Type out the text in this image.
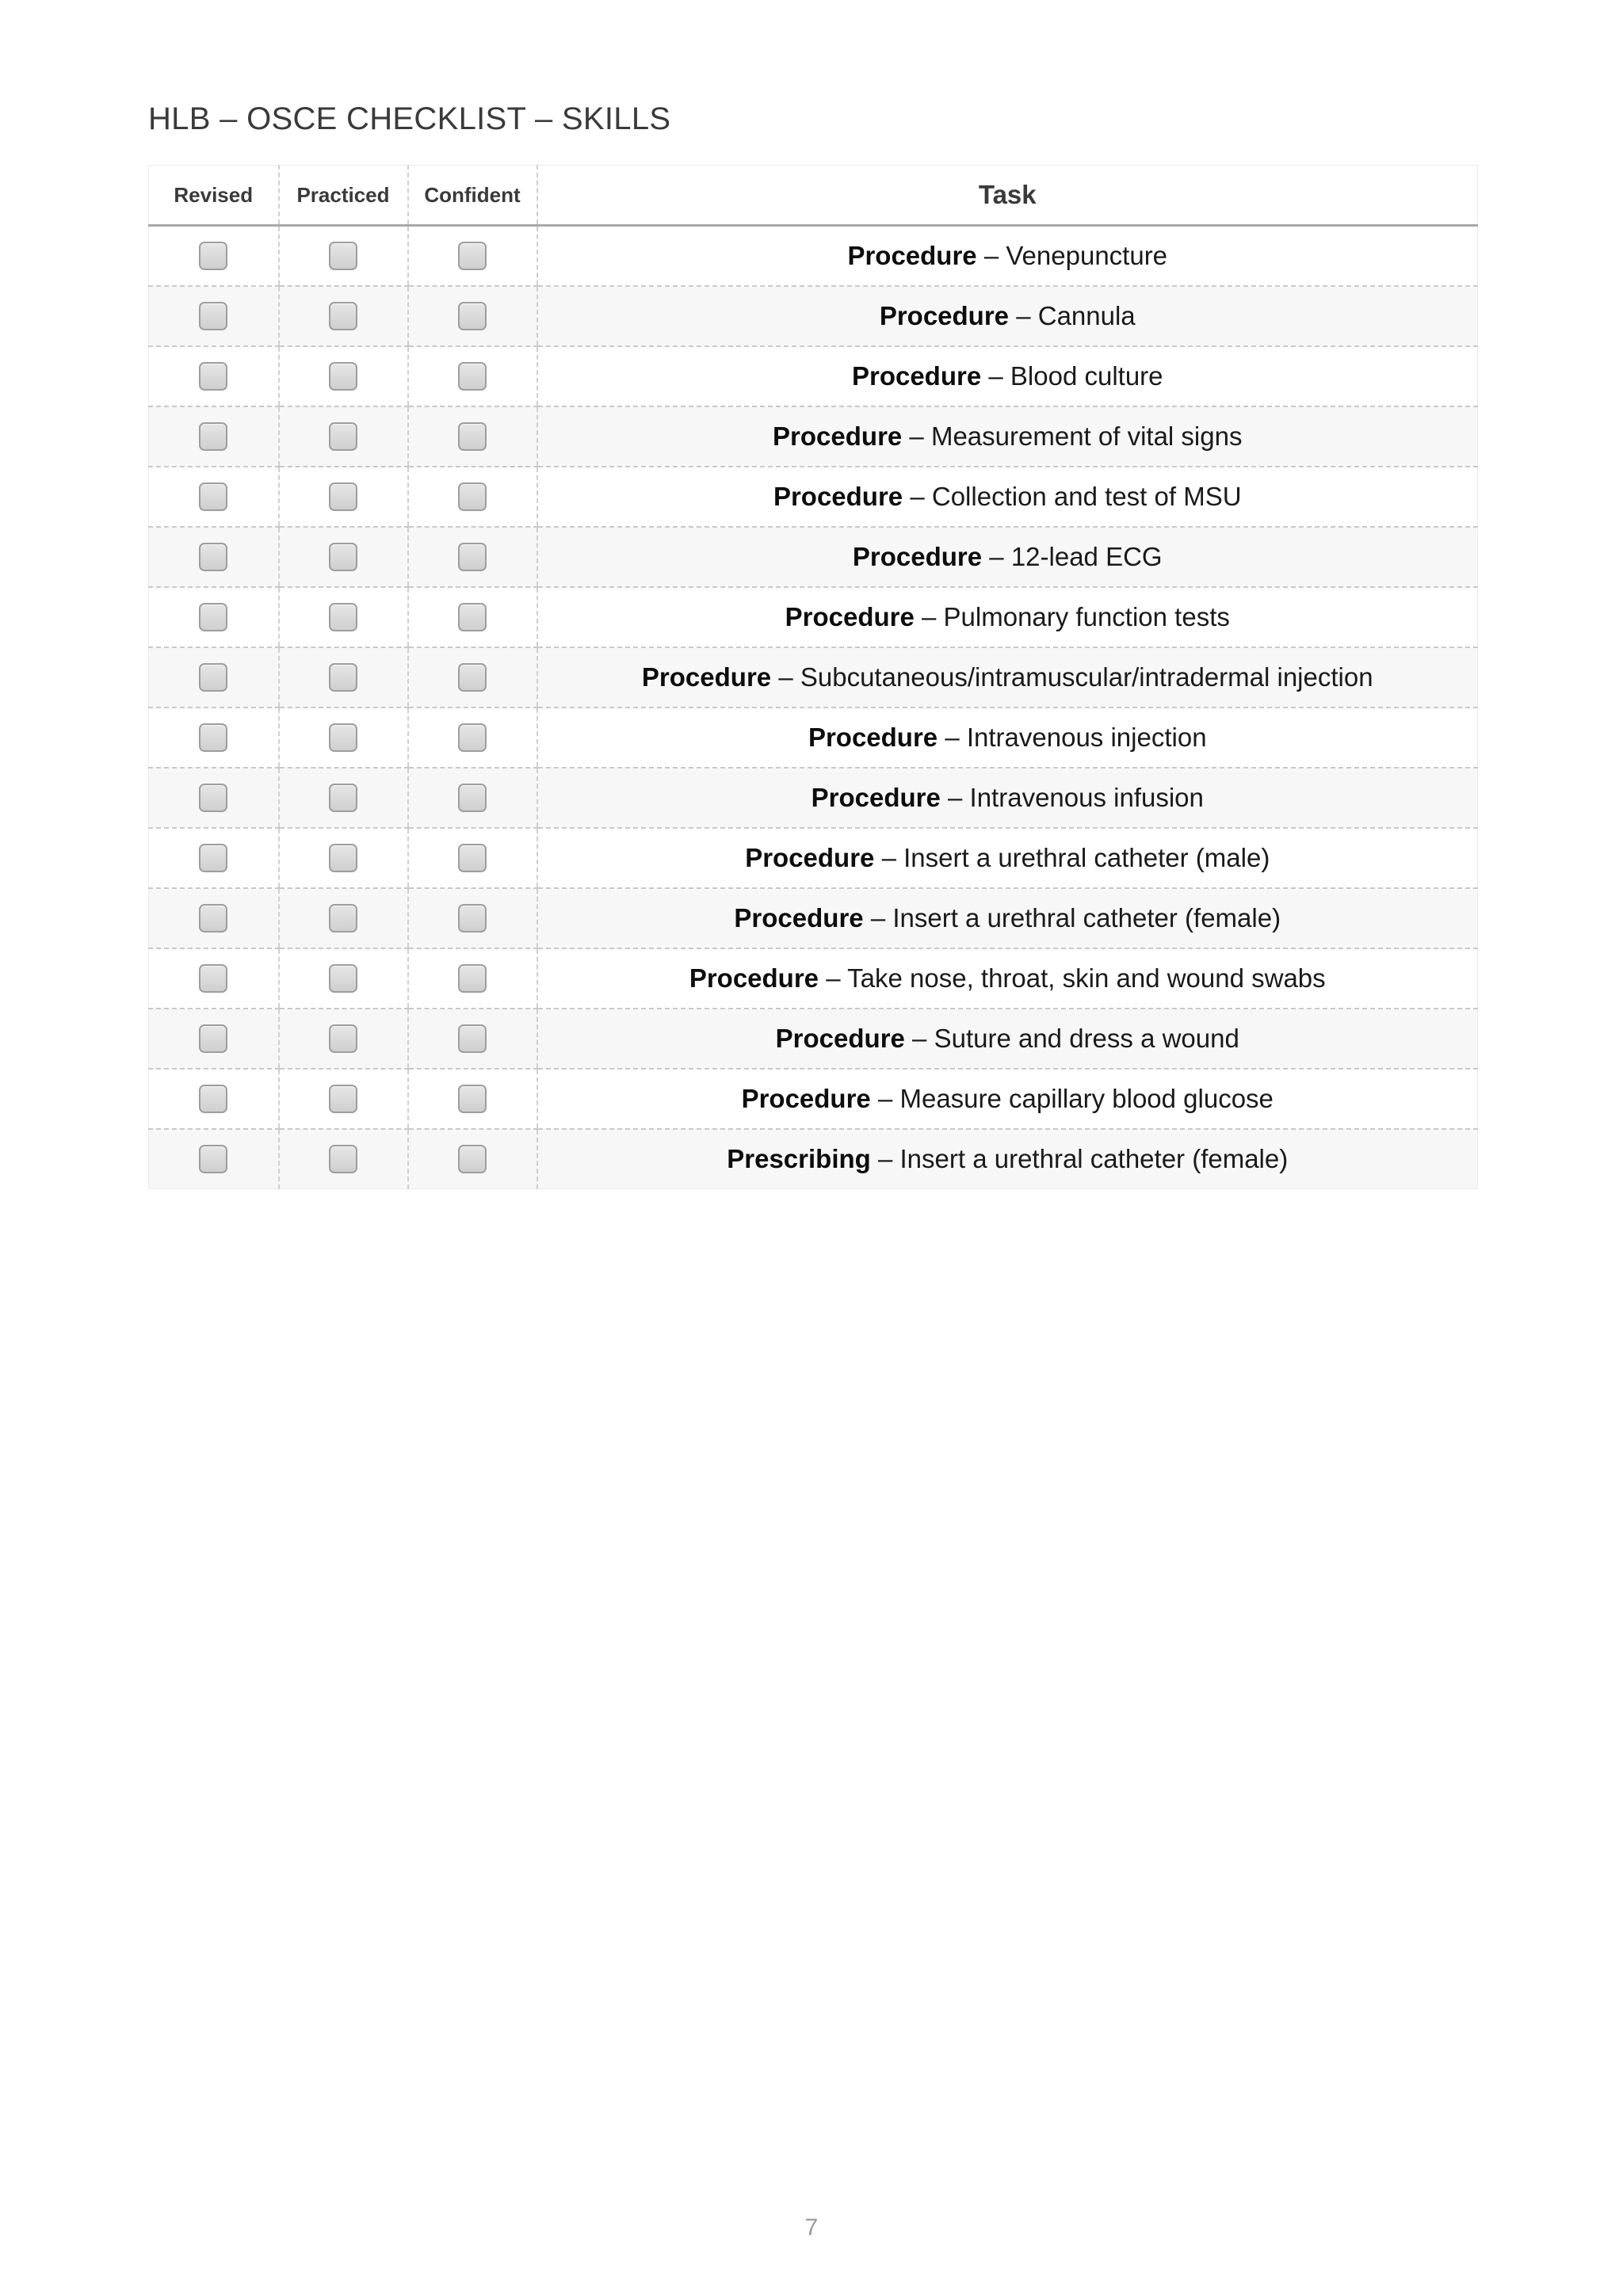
HLB – OSCE CHECKLIST – SKILLS
Revised	Practiced	Confident	Task
			Procedure – Venepuncture
			Procedure – Cannula
			Procedure – Blood culture
			Procedure – Measurement of vital signs
			Procedure – Collection and test of MSU
			Procedure – 12-lead ECG
			Procedure – Pulmonary function tests
			Procedure – Subcutaneous/intramuscular/intradermal injection
			Procedure – Intravenous injection
			Procedure – Intravenous infusion
			Procedure – Insert a urethral catheter (male)
			Procedure – Insert a urethral catheter (female)
			Procedure – Take nose, throat, skin and wound swabs
			Procedure – Suture and dress a wound
			Procedure – Measure capillary blood glucose
			Prescribing – Insert a urethral catheter (female)
7
